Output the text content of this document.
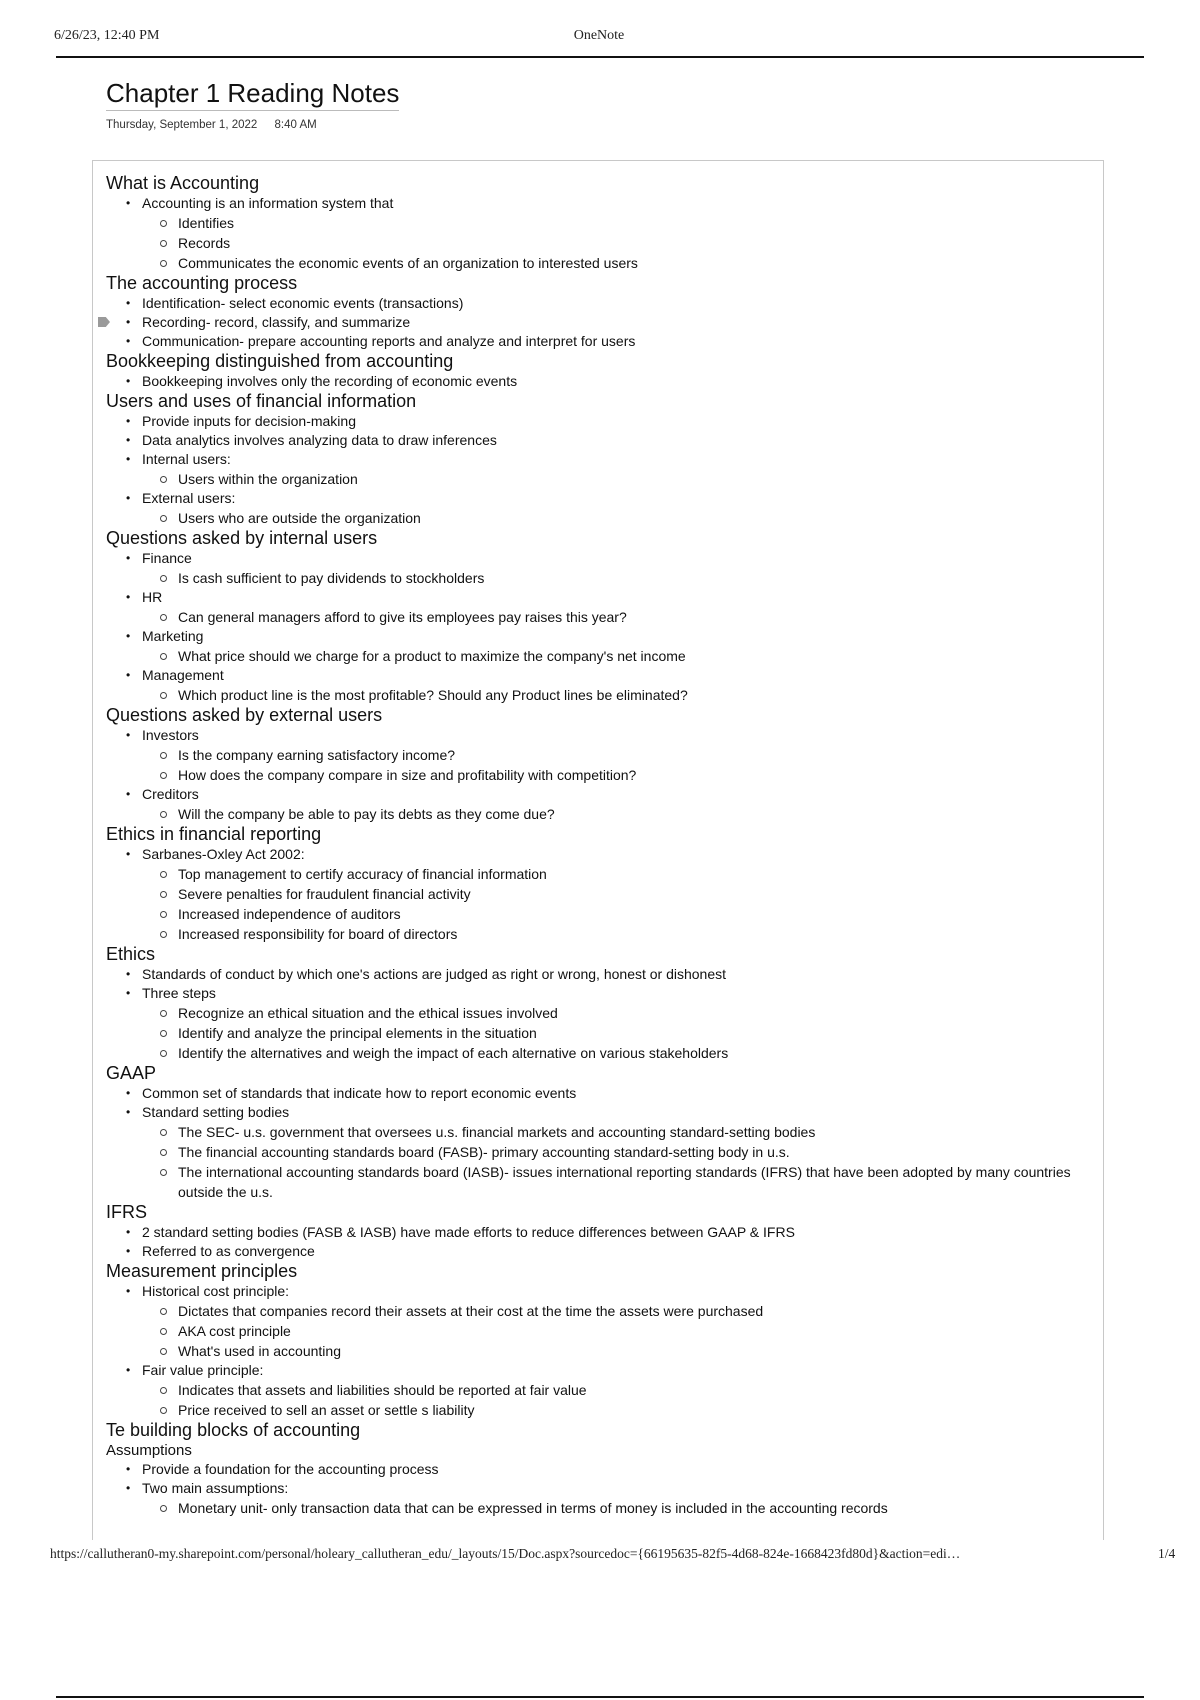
6/26/23, 12:40 PM	OneNote
Chapter 1 Reading Notes
Thursday, September 1, 2022 8:40 AM
What is Accounting
• Accounting is an information system that
Identifies
Records
Communicates the economic events of an organization to interested users
The accounting process
• Identification- select economic events (transactions)
• Recording- record, classify, and summarize
• Communication- prepare accounting reports and analyze and interpret for users
Bookkeeping distinguished from accounting
• Bookkeeping involves only the recording of economic events
Users and uses of financial information
• Provide inputs for decision-making
• Data analytics involves analyzing data to draw inferences
• Internal users:
Users within the organization
• External users:
Users who are outside the organization
Questions asked by internal users
• Finance
Is cash sufficient to pay dividends to stockholders
• HR
Can general managers afford to give its employees pay raises this year?
• Marketing
What price should we charge for a product to maximize the company's net income
• Management
Which product line is the most profitable? Should any Product lines be eliminated?
Questions asked by external users
• Investors
Is the company earning satisfactory income?
How does the company compare in size and profitability with competition?
• Creditors
Will the company be able to pay its debts as they come due?
Ethics in financial reporting
• Sarbanes-Oxley Act 2002:
Top management to certify accuracy of financial information
Severe penalties for fraudulent financial activity
Increased independence of auditors
Increased responsibility for board of directors
Ethics
• Standards of conduct by which one's actions are judged as right or wrong, honest or dishonest
• Three steps
Recognize an ethical situation and the ethical issues involved
Identify and analyze the principal elements in the situation
Identify the alternatives and weigh the impact of each alternative on various stakeholders
GAAP
• Common set of standards that indicate how to report economic events
• Standard setting bodies
The SEC- u.s. government that oversees u.s. financial markets and accounting standard-setting bodies
The financial accounting standards board (FASB)- primary accounting standard-setting body in u.s.
The international accounting standards board (IASB)- issues international reporting standards (IFRS) that have been adopted by many countries outside the u.s.
IFRS
• 2 standard setting bodies (FASB & IASB) have made efforts to reduce differences between GAAP & IFRS
• Referred to as convergence
Measurement principles
• Historical cost principle:
Dictates that companies record their assets at their cost at the time the assets were purchased
AKA cost principle
What's used in accounting
• Fair value principle:
Indicates that assets and liabilities should be reported at fair value
Price received to sell an asset or settle s liability
Te building blocks of accounting
Assumptions
• Provide a foundation for the accounting process
• Two main assumptions:
Monetary unit- only transaction data that can be expressed in terms of money is included in the accounting records
https://callutheran0-my.sharepoint.com/personal/holeary_callutheran_edu/_layouts/15/Doc.aspx?sourcedoc={66195635-82f5-4d68-824e-1668423fd80d}&action=edi…	1/4
